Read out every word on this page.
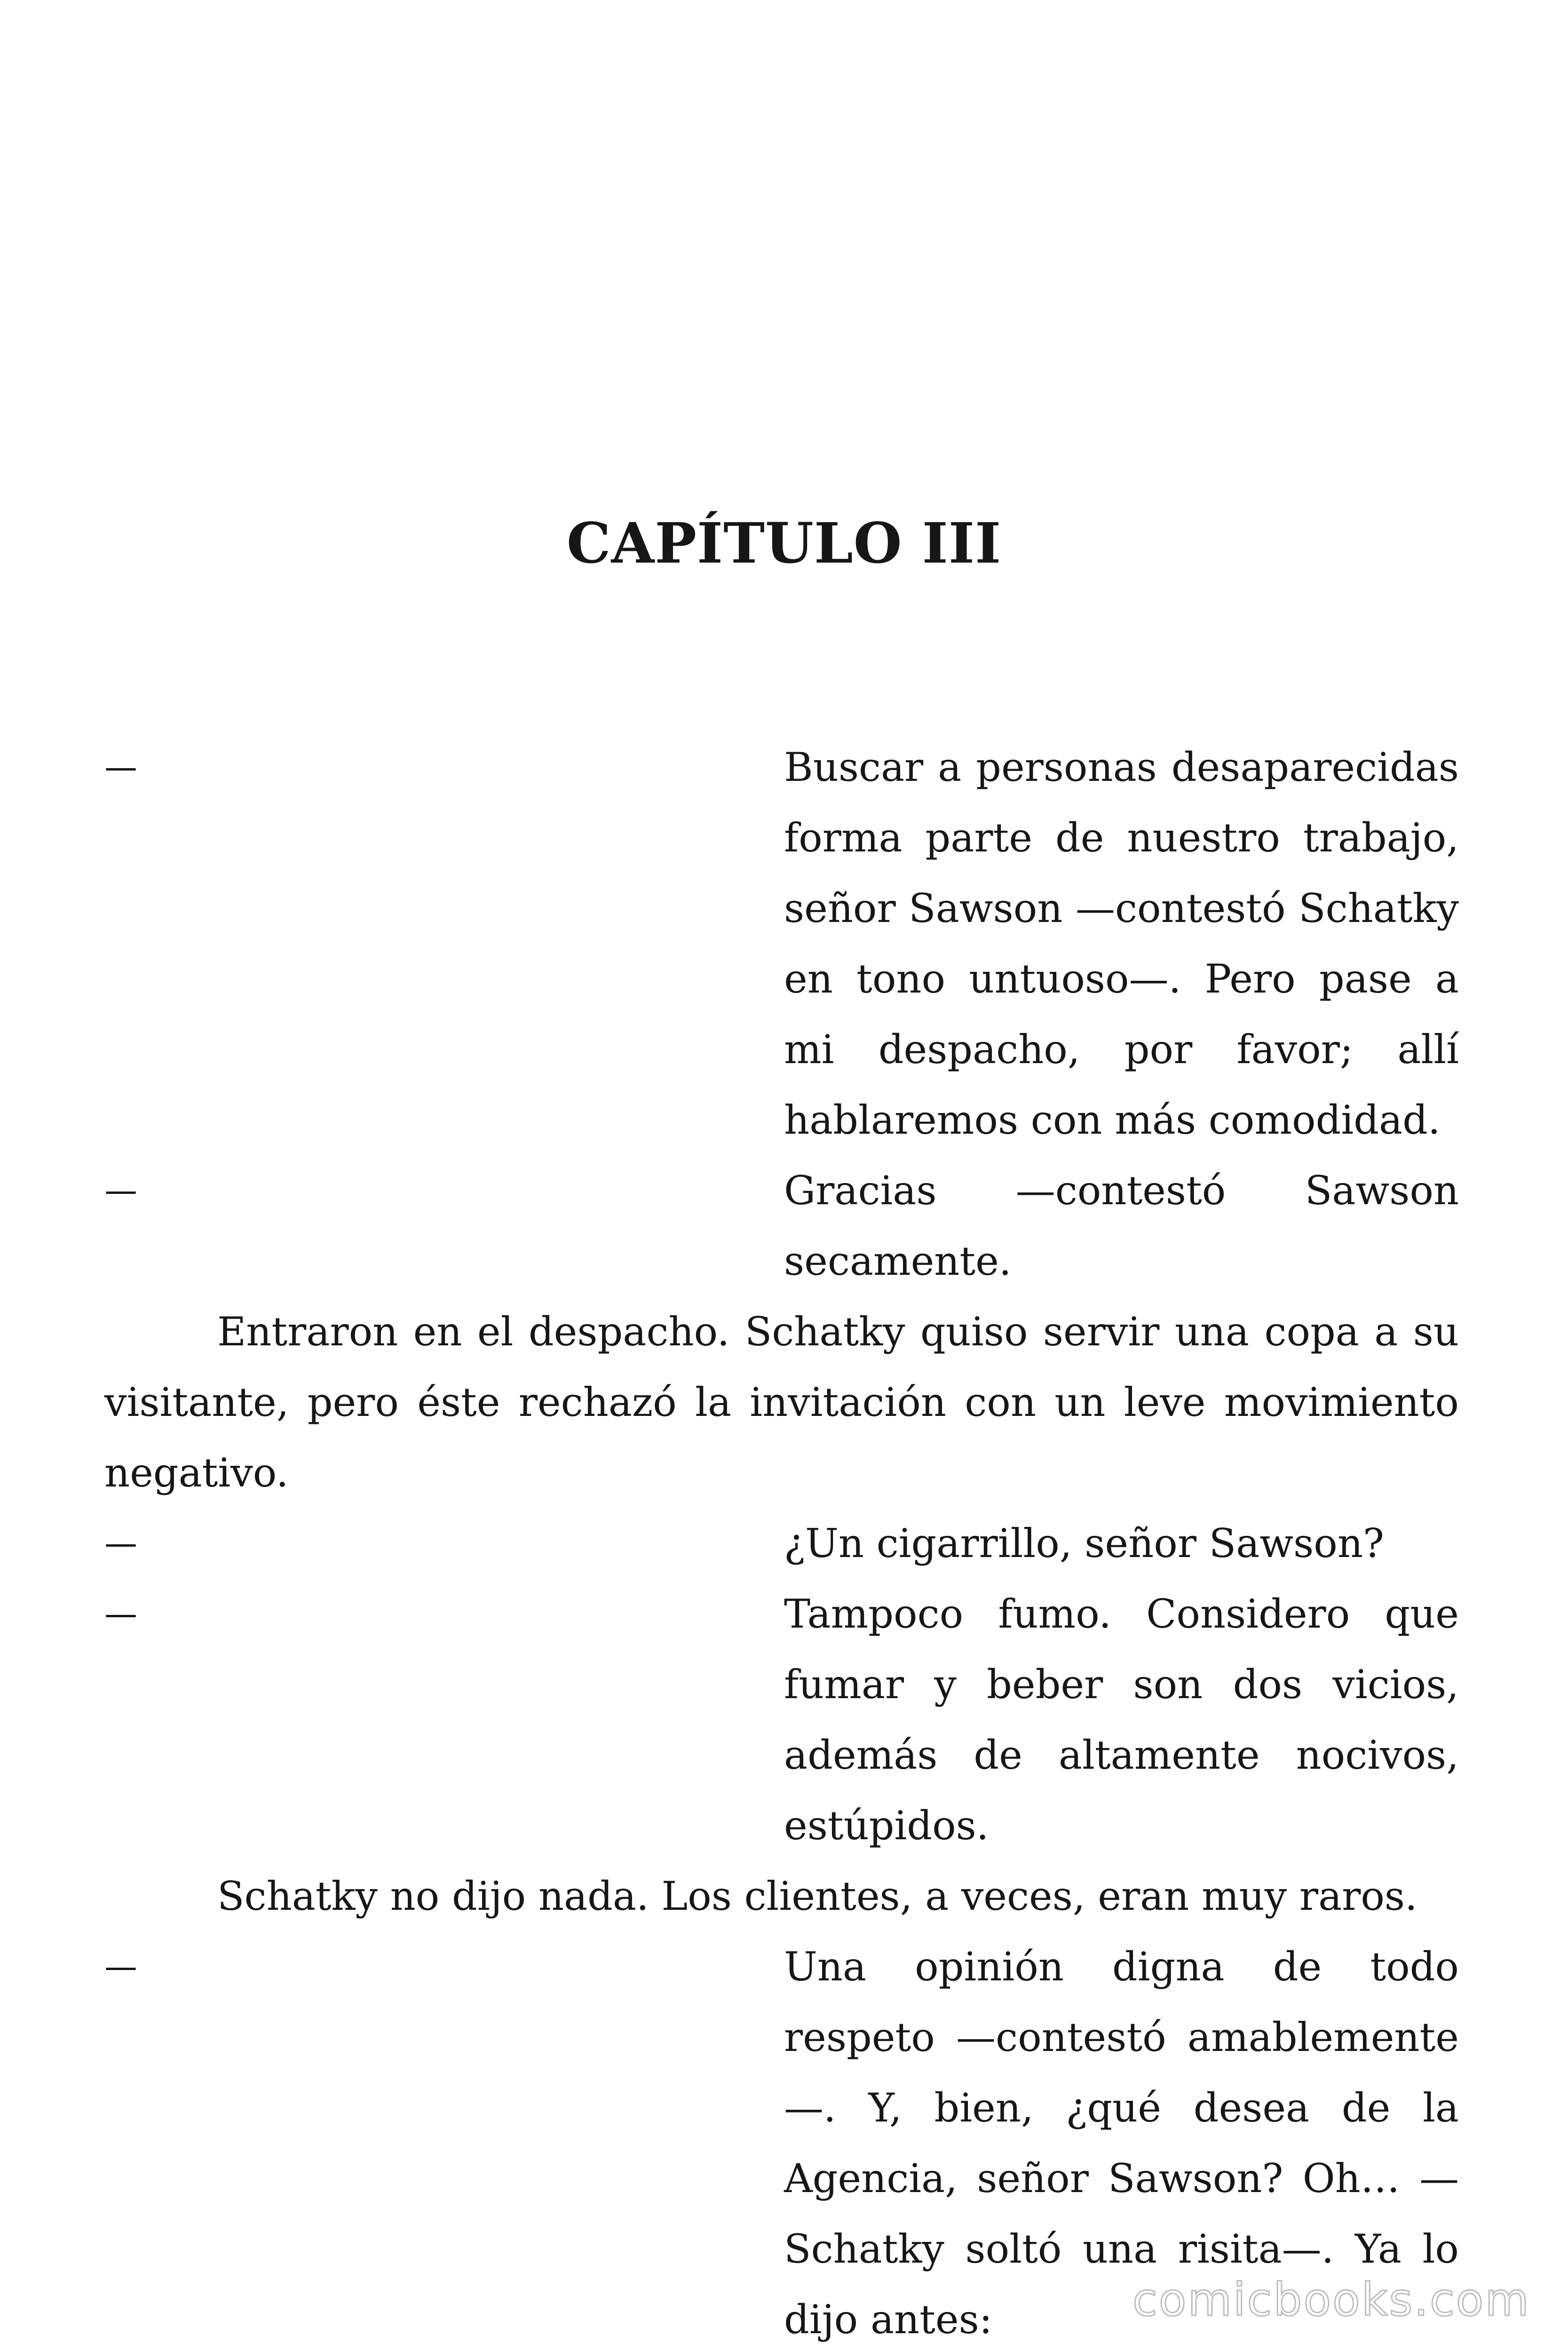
CAPÍTULO III
—	Buscar a personas desaparecidas forma parte de nuestro trabajo, señor Sawson —contestó Schatky en tono untuoso—. Pero pase a mi despacho, por favor; allí hablaremos con más comodidad.
—	Gracias —contestó Sawson secamente.

Entraron en el despacho. Schatky quiso servir una copa a su visitante, pero éste rechazó la invitación con un leve movimiento negativo.

—	¿Un cigarrillo, señor Sawson?
—	Tampoco fumo. Considero que fumar y beber son dos vicios, además de altamente nocivos, estúpidos.

Schatky no dijo nada. Los clientes, a veces, eran muy raros.

—	Una opinión digna de todo respeto —contestó amablemente—. Y, bien, ¿qué desea de la Agencia, señor Sawson? Oh… —Schatky soltó una risita—. Ya lo dijo antes:	comicbooks.com
